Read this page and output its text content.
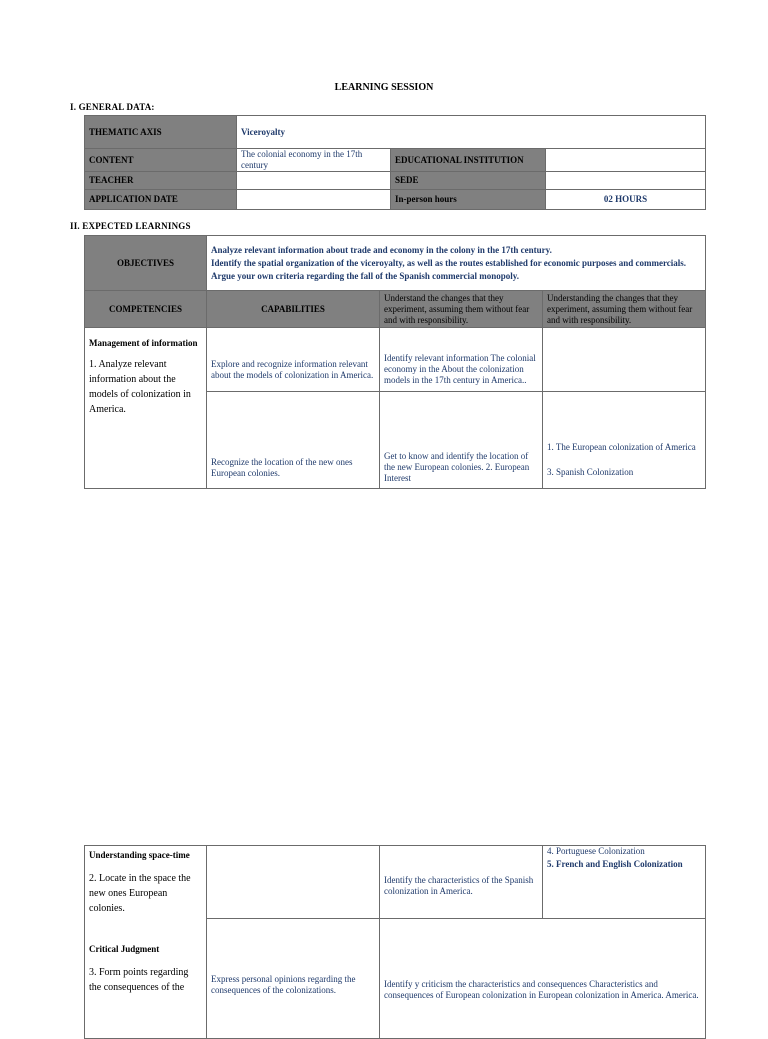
LEARNING SESSION
I. GENERAL DATA:
THEMATIC AXIS	Viceroyalty		
CONTENT	The colonial economy in the 17th century	EDUCATIONAL INSTITUTION	
TEACHER		SEDE	
APPLICATION DATE		In-person hours	02 HOURS
II. EXPECTED LEARNINGS
OBJECTIVES	Analyze relevant information about trade and economy in the colony in the 17th century.
Identify the spatial organization of the viceroyalty, as well as the routes established for economic purposes and commercials.
Argue your own criteria regarding the fall of the Spanish commercial monopoly.		

COMPETENCIES	CAPABILITIES	Understand the changes that they experiment, assuming them without fear and with responsibility.	Understanding the changes that they experiment, assuming them without fear and with responsibility.

Management of information
1. Analyze relevant information about the models of colonization in America.	Explore and recognize information relevant about the models of colonization in America.	Identify relevant information The colonial economy in the About the colonization models in the 17th century in America..	
	Recognize the location of the new ones European colonies.	Get to know and identify the location of the new European colonies. 2. European Interest	1. The European colonization of America
3. Spanish Colonization
Understanding space-time
2. Locate in the space the new ones European colonies.
Critical Judgment
3. Form points regarding the consequences of the		Identify the characteristics of the Spanish colonization in America.	4. Portuguese Colonization
5. French and English Colonization

	Express personal opinions regarding the consequences of the colonizations.	Identify y criticism the characteristics and consequences Characteristics and consequences of European colonization in European colonization in America. America.	
